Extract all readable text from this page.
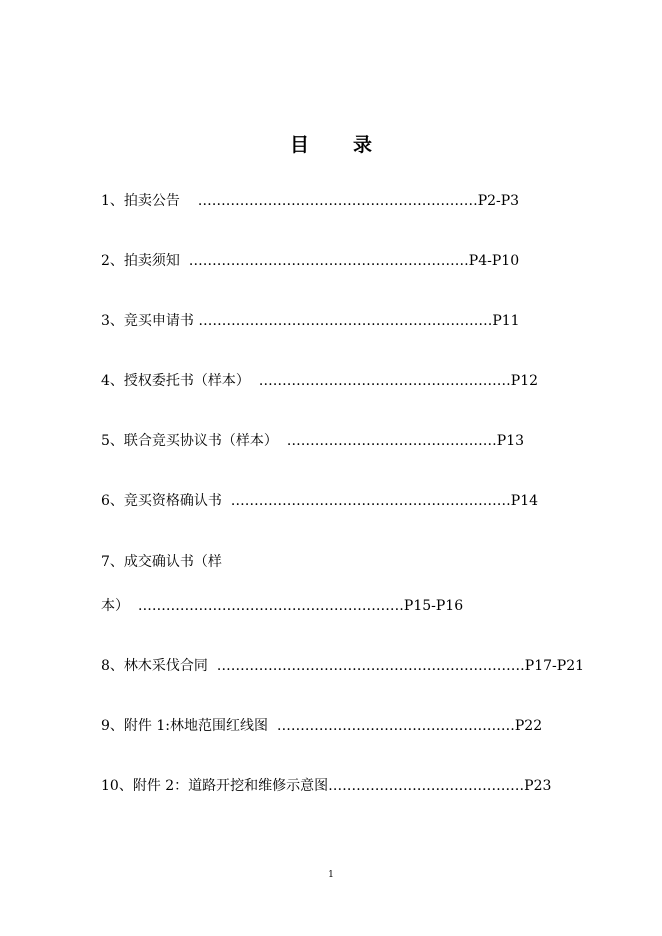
目 录
1、拍卖公告    ……………………………………………………P2-P3
2、拍卖须知  ……………………………………………………P4-P10
3、竞买申请书 ………………………………………………………P11
4、授权委托书（样本）  ………………………………………………P12
5、联合竞买协议书（样本）  ………………………………………P13
6、竞买资格确认书  ……………………………………………………P14
7、成交确认书（样
本）  …………………………………………………P15-P16
8、林木采伐合同  …………………………………………………………P17-P21
9、附件 1:林地范围红线图  ……………………………………………P22
10、附件 2：道路开挖和维修示意图……………………………………P23
1
